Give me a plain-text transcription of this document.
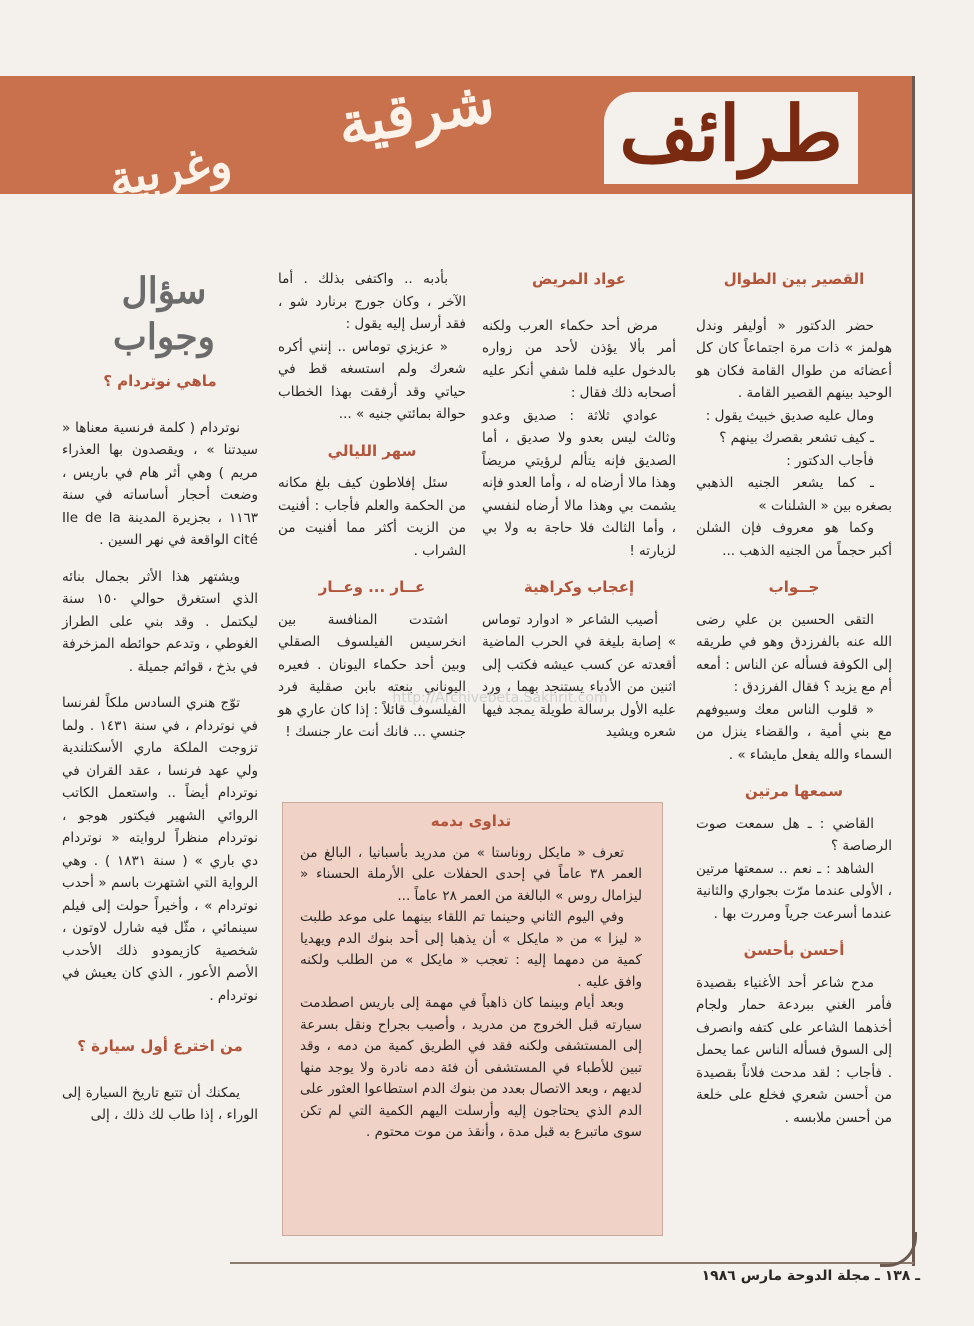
طرائف
شرقية
وغربية
القصير بين الطوال

حضر الدكتور « أوليفر وندل هولمز » ذات مرة اجتماعاً كان كل أعضائه من طوال القامة فكان هو الوحيد بينهم القصير القامة .

ومال عليه صديق خبيث يقول :

ـ كيف تشعر بقصرك بينهم ؟

فأجاب الدكتور :

ـ كما يشعر الجنيه الذهبي بصغره بين « الشلنات »

وكما هو معروف فإن الشلن أكبر حجماً من الجنيه الذهب ...

جــواب

التقى الحسين بن علي رضى الله عنه بالفرزدق وهو في طريقه إلى الكوفة فسأله عن الناس : أمعه أم مع يزيد ؟ فقال الفرزدق :

« قلوب الناس معك وسيوفهم مع بني أمية ، والقضاء ينزل من السماء والله يفعل مايشاء » .

سمعها مرتين

القاضي : ـ هل سمعت صوت الرصاصة ؟

الشاهد : ـ نعم .. سمعتها مرتين ، الأولى عندما مرّت بجواري والثانية عندما أسرعت جرياً ومررت بها .

أحسن بأحسن

مدح شاعر أحد الأغنياء بقصيدة فأمر الغني ببردعة حمار ولجام أخذهما الشاعر على كتفه وانصرف إلى السوق فسأله الناس عما يحمل . فأجاب : لقد مدحت فلاناً بقصيدة من أحسن شعري فخلع على خلعة من أحسن ملابسه .

عواد المريض

مرض أحد حكماء العرب ولكنه أمر بألا يؤذن لأحد من زواره بالدخول عليه فلما شفي أنكر عليه أصحابه ذلك فقال :

عوادي ثلاثة : صديق وعدو وثالث ليس بعدو ولا صديق ، أما الصديق فإنه يتألم لرؤيتي مريضاً وهذا مالا أرضاه له ، وأما العدو فإنه يشمت بي وهذا مالا أرضاه لنفسي ، وأما الثالث فلا حاجة به ولا بي لزيارته !

إعجاب وكراهية

أصيب الشاعر « ادوارد توماس » إصابة بليغة في الحرب الماضية أقعدته عن كسب عيشه فكتب إلى اثنين من الأدباء يستنجد بهما ، ورد عليه الأول برسالة طويلة يمجد فيها شعره ويشيد

بأدبه .. واكتفى بذلك . أما الآخر ، وكان جورج برنارد شو ، فقد أرسل إليه يقول :

« عزيزي توماس .. إنني أكره شعرك ولم استسغه قط في حياتي وقد أرفقت بهذا الخطاب حوالة بمائتي جنيه » ...

سهر الليالي

سئل إفلاطون كيف بلغ مكانه من الحكمة والعلم فأجاب : أفنيت من الزيت أكثر مما أفنيت من الشراب .

عــار ... وعــار

اشتدت المنافسة بين انخرسيس الفيلسوف الصقلي وبين أحد حكماء اليونان . فعيره اليوناني بنعته بابن صقلية فرد الفيلسوف قائلاً : إذا كان عاري هو جنسي ... فانك أنت عار جنسك !

تداوى بدمه

تعرف « مايكل روناستا » من مدريد بأسبانيا ، البالغ من العمر ٣٨ عاماً في إحدى الحفلات على الأرملة الحسناء « ليزامال روس » البالغة من العمر ٢٨ عاماً ...

وفي اليوم الثاني وحينما تم اللقاء بينهما على موعد طلبت « ليزا » من « مايكل » أن يذهبا إلى أحد بنوك الدم ويهديا كمية من دمهما إليه : تعجب « مايكل » من الطلب ولكنه وافق عليه .

وبعد أيام وبينما كان ذاهباً في مهمة إلى باريس اصطدمت سيارته قبل الخروج من مدريد ، وأصيب بجراح ونقل بسرعة إلى المستشفى ولكنه فقد في الطريق كمية من دمه ، وقد تبين للأطباء في المستشفى أن فئة دمه نادرة ولا يوجد منها لديهم ، وبعد الاتصال بعدد من بنوك الدم استطاعوا العثور على الدم الذي يحتاجون إليه وأرسلت اليهم الكمية التي لم تكن سوى ماتبرع به قبل مدة ، وأنقذ من موت محتوم .

سؤال
وجواب
ماهي نوتردام ؟

نوتردام ( كلمة فرنسية معناها « سيدتنا » ، ويقصدون بها العذراء مريم ) وهي أثر هام في باريس ، وضعت أحجار أساساته في سنة ١١٦٣ ، بجزيرة المدينة Ile de la cité الواقعة في نهر السين .

ويشتهر هذا الأثر بجمال بنائه الذي استغرق حوالي ١٥٠ سنة ليكتمل . وقد بني على الطراز الغوطي ، وتدعم حوائطه المزخرفة في بذخ ، قوائم جميلة .

توّج هنري السادس ملكاً لفرنسا في نوتردام ، في سنة ١٤٣١ . ولما تزوجت الملكة ماري الأسكتلندية ولي عهد فرنسا ، عقد القران في نوتردام أيضاً .. واستعمل الكاتب الروائي الشهير فيكتور هوجو ، نوتردام منظراً لروايته « نوتردام دي باري » ( سنة ١٨٣١ ) . وهي الرواية التي اشتهرت باسم « أحدب نوتردام » ، وأخيراً حولت إلى فيلم سينمائي ، مثّل فيه شارل لاوتون ، شخصية كازيمودو ذلك الأحدب الأصم الأعور ، الذي كان يعيش في نوتردام .

من اخترع أول سيارة ؟

يمكنك أن تتبع تاريخ السيارة إلى الوراء ، إذا طاب لك ذلك ، إلى

http://Archivebeta.Sakhrit.com
ـ ١٣٨ ـ مجلة الدوحة مارس ١٩٨٦
